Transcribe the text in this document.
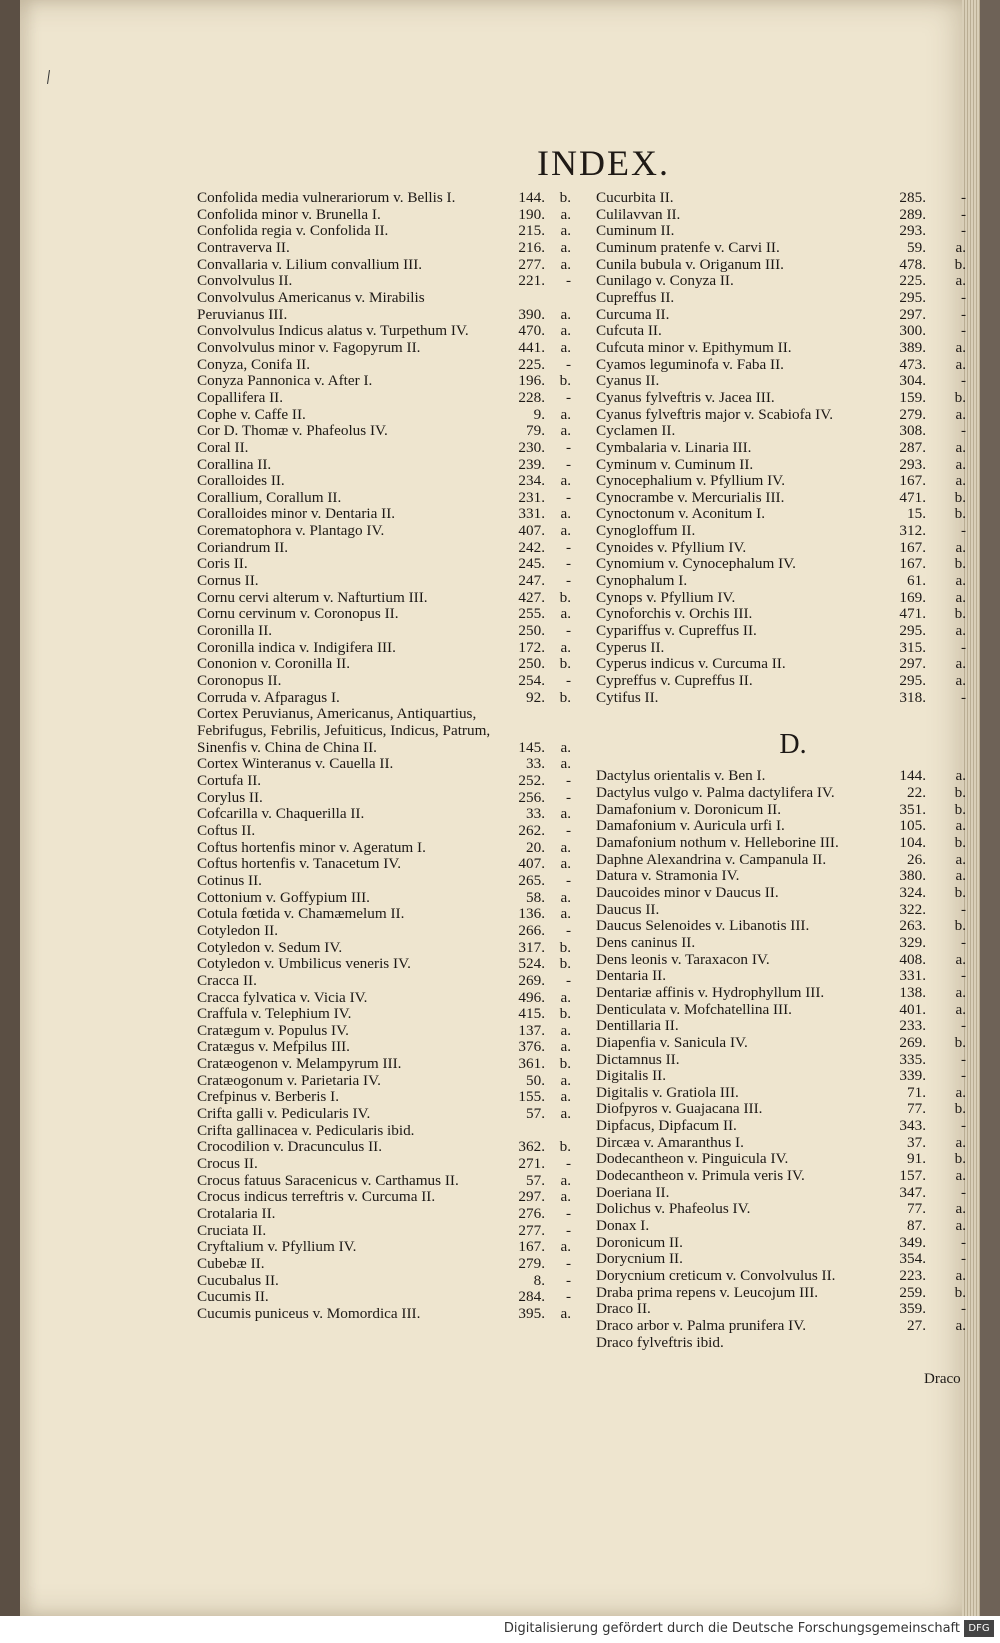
INDEX.
Confolida media vulnerariorum v. Bellis I.	144. b.
Confolida minor v. Brunella I.	190. a.
Confolida regia v. Confolida II.	215. a.
Contraverva II.	216. a.
Convallaria v. Lilium convallium III.	277. a.
Convolvulus II.	221. -
Convolvulus Americanus v. Mirabilis Peruvianus III.	390. a.
Convolvulus Indicus alatus v. Turpethum IV.	470. a.
Convolvulus minor v. Fagopyrum II.	441. a.
Conyza, Conifa II.	225. -
Conyza Pannonica v. After I.	196. b.
Copallifera II.	228. -
Cophe v. Caffe II.	9. a.
Cor D. Thomæ v. Phafeolus IV.	79. a.
Coral II.	230. -
Corallina II.	239. -
Coralloides II.	234. a.
Corallium, Corallum II.	231. -
Coralloides minor v. Dentaria II.	331. a.
Corematophora v. Plantago IV.	407. a.
Coriandrum II.	242. -
Coris II.	245. -
Cornus II.	247. -
Cornu cervi alterum v. Nafturtium III.	427. b.
Cornu cervinum v. Coronopus II.	255. a.
Coronilla II.	250. -
Coronilla indica v. Indigifera III.	172. a.
Cononion v. Coronilla II.	250. b.
Coronopus II.	254. -
Corruda v. Afparagus I.	92. b.
Cortex Peruvianus, Americanus, Antiquartius, Febrifugus, Febrilis, Jefuiticus, Indicus, Patrum, Sinenfis v. China de China II.	145. a.
Cortex Winteranus v. Cauella II.	33. a.
Cortufa II.	252. -
Corylus II.	256. -
Cofcarilla v. Chaquerilla II.	33. a.
Coftus II.	262. -
Coftus hortenfis minor v. Ageratum I.	20. a.
Coftus hortenfis v. Tanacetum IV.	407. a.
Cotinus II.	265. -
Cottonium v. Goffypium III.	58. a.
Cotula fœtida v. Chamæmelum II.	136. a.
Cotyledon II.	266. -
Cotyledon v. Sedum IV.	317. b.
Cotyledon v. Umbilicus veneris IV.	524. b.
Cracca II.	269. -
Cracca fylvatica v. Vicia IV.	496. a.
Craffula v. Telephium IV.	415. b.
Cratægum v. Populus IV.	137. a.
Cratægus v. Mefpilus III.	376. a.
Cratæogenon v. Melampyrum III.	361. b.
Cratæogonum v. Parietaria IV.	50. a.
Crefpinus v. Berberis I.	155. a.
Crifta galli v. Pedicularis IV.	57. a.
Crifta gallinacea v. Pedicularis ibid.
Crocodilion v. Dracunculus II.	362. b.
Crocus II.	271. -
Crocus fatuus Saracenicus v. Carthamus II.	57. a.
Crocus indicus terreftris v. Curcuma II.	297. a.
Crotalaria II.	276. -
Cruciata II.	277. -
Cryftalium v. Pfyllium IV.	167. a.
Cubebæ II.	279. -
Cucubalus II.	8. -
Cucumis II.	284. -
Cucumis puniceus v. Momordica III.	395. a.
Cucurbita II.	285. -
Culilavvan II.	289. -
Cuminum II.	293. -
Cuminum pratenfe v. Carvi II.	59. a.
Cunila bubula v. Origanum III.	478. b.
Cunilago v. Conyza II.	225. a.
Cupreffus II.	295. -
Curcuma II.	297. -
Cufcuta II.	300. -
Cufcuta minor v. Epithymum II.	389. a.
Cyamos leguminofa v. Faba II.	473. a.
Cyanus II.	304. -
Cyanus fylveftris v. Jacea III.	159. b.
Cyanus fylveftris major v. Scabiofa IV.	279. a.
Cyclamen II.	308. -
Cymbalaria v. Linaria III.	287. a.
Cyminum v. Cuminum II.	293. a.
Cynocephalium v. Pfyllium IV.	167. a.
Cynocrambe v. Mercurialis III.	471. b.
Cynoctonum v. Aconitum I.	15. b.
Cynogloffum II.	312. -
Cynoides v. Pfyllium IV.	167. a.
Cynomium v. Cynocephalum IV.	167. b.
Cynophalum I.	61. a.
Cynops v. Pfyllium IV.	169. a.
Cynoforchis v. Orchis III.	471. b.
Cypariffus v. Cupreffus II.	295. a.
Cyperus II.	315. -
Cyperus indicus v. Curcuma II.	297. a.
Cypreffus v. Cupreffus II.	295. a.
Cytifus II.	318. -
D.
Dactylus orientalis v. Ben I.	144. a.
Dactylus vulgo v. Palma dactylifera IV.	22. b.
Damafonium v. Doronicum II.	351. b.
Damafonium v. Auricula urfi I.	105. a.
Damafonium nothum v. Helleborine III.	104. b.
Daphne Alexandrina v. Campanula II.	26. a.
Datura v. Stramonia IV.	380. a.
Daucoides minor v Daucus II.	324. b.
Daucus II.	322. -
Daucus Selenoides v. Libanotis III.	263. b.
Dens caninus II.	329. -
Dens leonis v. Taraxacon IV.	408. a.
Dentaria II.	331. -
Dentariæ affinis v. Hydrophyllum III.	138. a.
Denticulata v. Mofchatellina III.	401. a.
Dentillaria II.	233. -
Diapenfia v. Sanicula IV.	269. b.
Dictamnus II.	335. -
Digitalis II.	339. -
Digitalis v. Gratiola III.	71. a.
Diofpyros v. Guajacana III.	77. b.
Dipfacus, Dipfacum II.	343. -
Dircæa v. Amaranthus I.	37. a.
Dodecantheon v. Pinguicula IV.	91. b.
Dodecantheon v. Primula veris IV.	157. a.
Doeriana II.	347. -
Dolichus v. Phafeolus IV.	77. a.
Donax I.	87. a.
Doronicum II.	349. -
Dorycnium II.	354. -
Dorycnium creticum v. Convolvulus II.	223. a.
Draba prima repens v. Leucojum III.	259. b.
Draco II.	359. -
Draco arbor v. Palma prunifera IV.	27. a.
Draco fylveftris ibid.
Draco
Digitalisierung gefördert durch die Deutsche Forschungsgemeinschaft DFG
